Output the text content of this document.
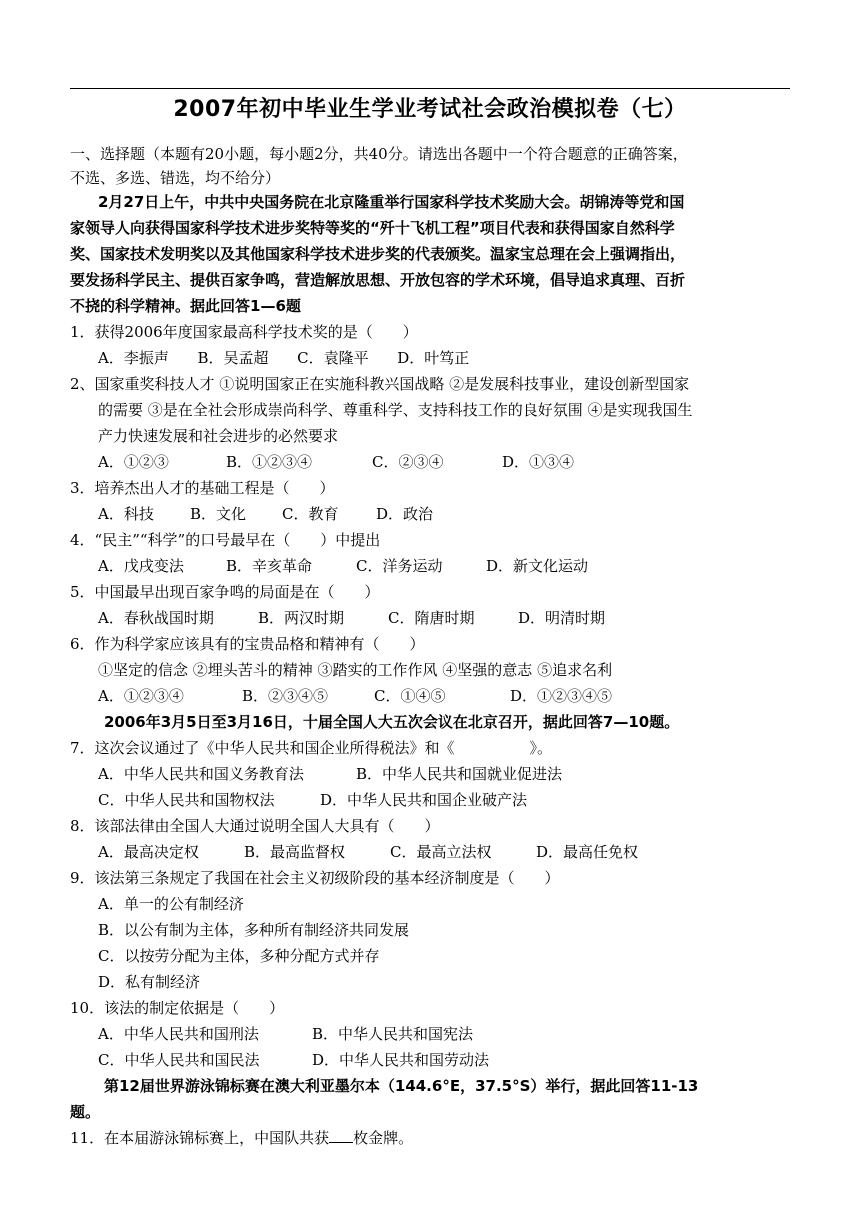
2007年初中毕业生学业考试社会政治模拟卷（七）
一、选择题（本题有20小题，每小题2分，共40分。请选出各题中一个符合题意的正确答案，
不选、多选、错选，均不给分）
2月27日上午，中共中央国务院在北京隆重举行国家科学技术奖励大会。胡锦涛等党和国
家领导人向获得国家科学技术进步奖特等奖的“歼十飞机工程”项目代表和获得国家自然科学
奖、国家技术发明奖以及其他国家科学技术进步奖的代表颁奖。温家宝总理在会上强调指出，
要发扬科学民主、提供百家争鸣，营造解放思想、开放包容的学术环境，倡导追求真理、百折
不挠的科学精神。据此回答1—6题
1．获得2006年度国家最高科学技术奖的是（　　）
A．李振声 B．吴孟超 C．袁隆平 D．叶笃正
2、国家重奖科技人才 ①说明国家正在实施科教兴国战略 ②是发展科技事业，建设创新型国家
的需要 ③是在全社会形成崇尚科学、尊重科学、支持科技工作的良好氛围 ④是实现我国生
产力快速发展和社会进步的必然要求
A．①②③	B．①②③④	C．②③④	D．①③④
3．培养杰出人才的基础工程是（　　）
A．科技 B．文化 C．教育	D．政治
4．“民主”“科学”的口号最早在（　　）中提出
A．戊戌变法	B．辛亥革命	C．洋务运动	D．新文化运动
5．中国最早出现百家争鸣的局面是在（　　）
A．春秋战国时期	B．两汉时期	C．隋唐时期	D．明清时期
6．作为科学家应该具有的宝贵品格和精神有（　　）
①坚定的信念 ②埋头苦斗的精神 ③踏实的工作作风 ④坚强的意志 ⑤追求名利
A．①②③④	B．②③④⑤	C．①④⑤	D．①②③④⑤
2006年3月5日至3月16日，十届全国人大五次会议在北京召开，据此回答7—10题。
7．这次会议通过了《中华人民共和国企业所得税法》和《　　　　　》。
A．中华人民共和国义务教育法	B．中华人民共和国就业促进法
C．中华人民共和国物权法	D．中华人民共和国企业破产法
8．该部法律由全国人大通过说明全国人大具有（　　）
A．最高决定权	B．最高监督权	C．最高立法权	D．最高任免权
9．该法第三条规定了我国在社会主义初级阶段的基本经济制度是（　　）
A．单一的公有制经济
B．以公有制为主体，多种所有制经济共同发展
C．以按劳分配为主体，多种分配方式并存
D．私有制经济
10．该法的制定依据是（　　）
A．中华人民共和国刑法	B．中华人民共和国宪法
C．中华人民共和国民法	D．中华人民共和国劳动法
第12届世界游泳锦标赛在澳大利亚墨尔本（144.6°E，37.5°S）举行，据此回答11-13
题。
11．在本届游泳锦标赛上，中国队共获 枚金牌。
